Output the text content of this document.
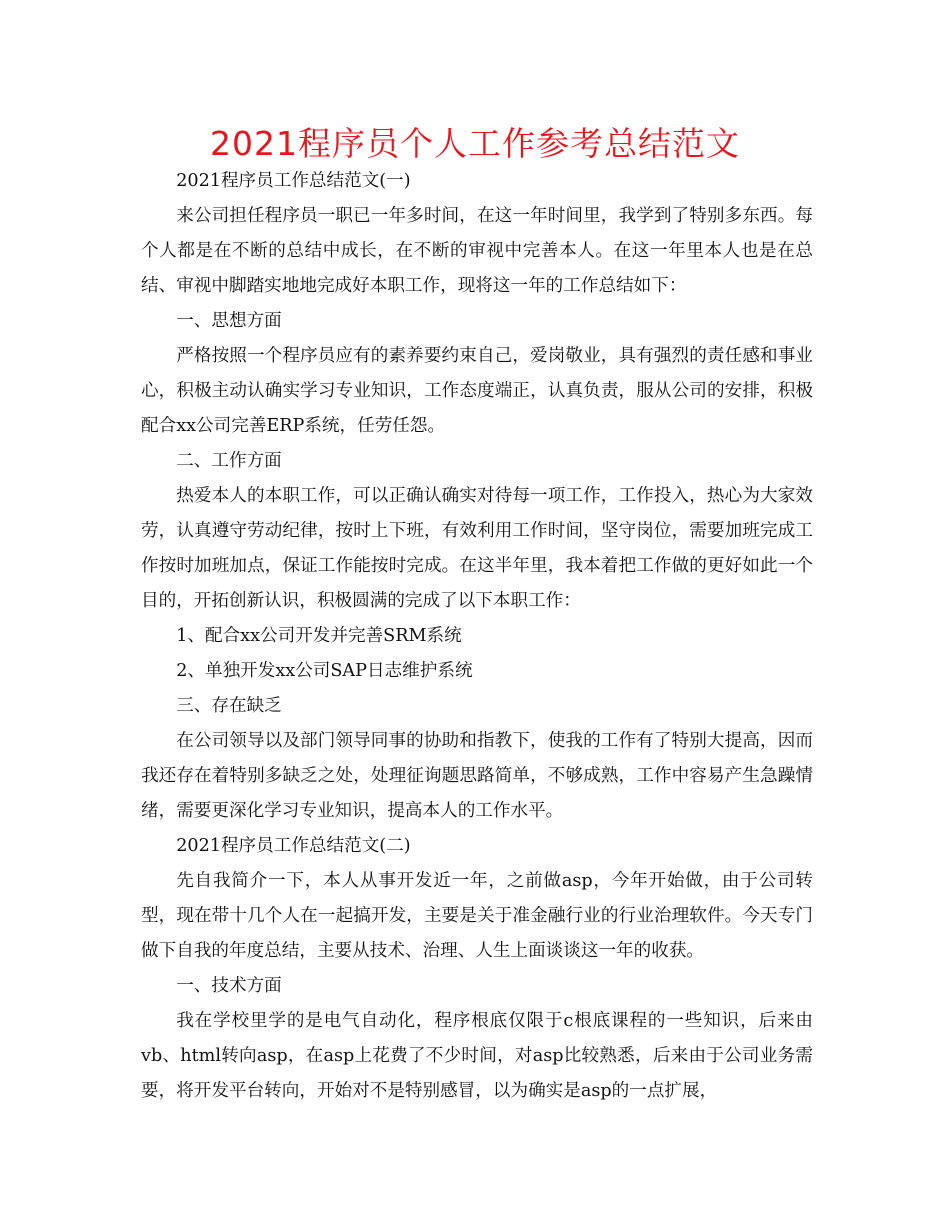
2021程序员个人工作参考总结范文

2021程序员工作总结范文(一)

来公司担任程序员一职已一年多时间，在这一年时间里，我学到了特别多东西。每个人都是在不断的总结中成长，在不断的审视中完善本人。在这一年里本人也是在总结、审视中脚踏实地地完成好本职工作，现将这一年的工作总结如下：

一、思想方面

严格按照一个程序员应有的素养要约束自己，爱岗敬业，具有强烈的责任感和事业心，积极主动认确实学习专业知识，工作态度端正，认真负责，服从公司的安排，积极配合xx公司完善ERP系统，任劳任怨。

二、工作方面

热爱本人的本职工作，可以正确认确实对待每一项工作，工作投入，热心为大家效劳，认真遵守劳动纪律，按时上下班，有效利用工作时间，坚守岗位，需要加班完成工作按时加班加点，保证工作能按时完成。在这半年里，我本着把工作做的更好如此一个目的，开拓创新认识，积极圆满的完成了以下本职工作：

1、配合xx公司开发并完善SRM系统

2、单独开发xx公司SAP日志维护系统

三、存在缺乏

在公司领导以及部门领导同事的协助和指教下，使我的工作有了特别大提高，因而我还存在着特别多缺乏之处，处理征询题思路简单，不够成熟，工作中容易产生急躁情绪，需要更深化学习专业知识，提高本人的工作水平。

2021程序员工作总结范文(二)

先自我简介一下，本人从事开发近一年，之前做asp，今年开始做，由于公司转型，现在带十几个人在一起搞开发，主要是关于准金融行业的行业治理软件。今天专门做下自我的年度总结，主要从技术、治理、人生上面谈谈这一年的收获。

一、技术方面

我在学校里学的是电气自动化，程序根底仅限于c根底课程的一些知识，后来由vb、html转向asp，在asp上花费了不少时间，对asp比较熟悉，后来由于公司业务需要，将开发平台转向，开始对不是特别感冒，以为确实是asp的一点扩展，
